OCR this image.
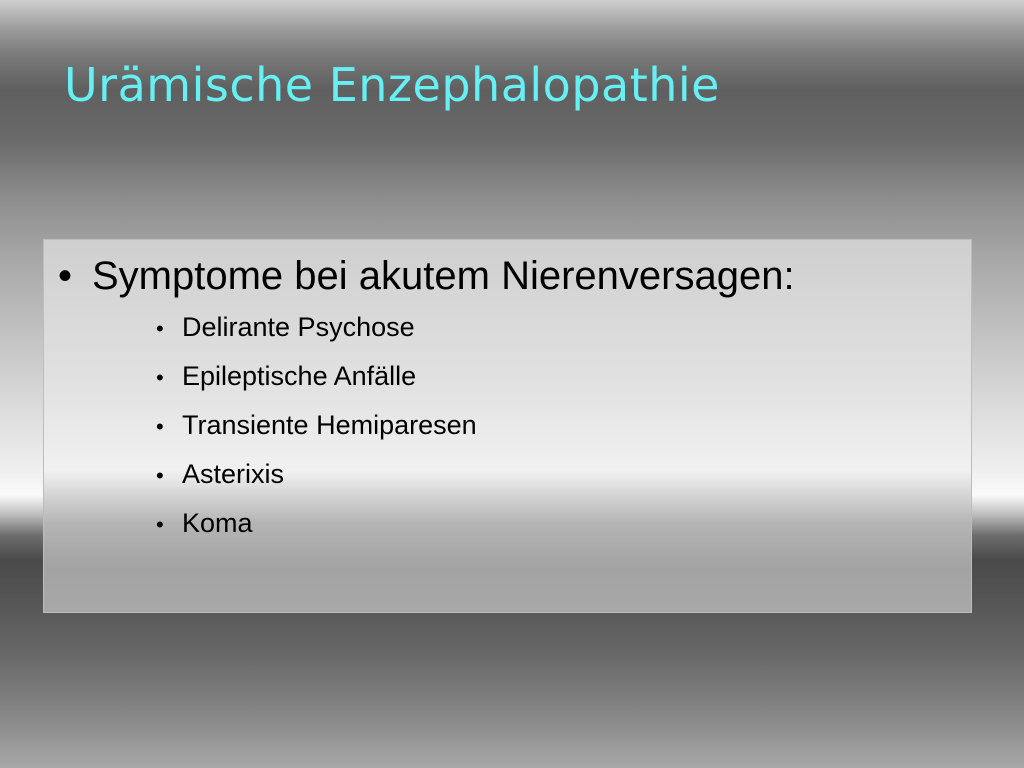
Urämische Enzephalopathie
• Symptome bei akutem Nierenversagen:
• Delirante Psychose
• Epileptische Anfälle
• Transiente Hemiparesen
• Asterixis
• Koma
